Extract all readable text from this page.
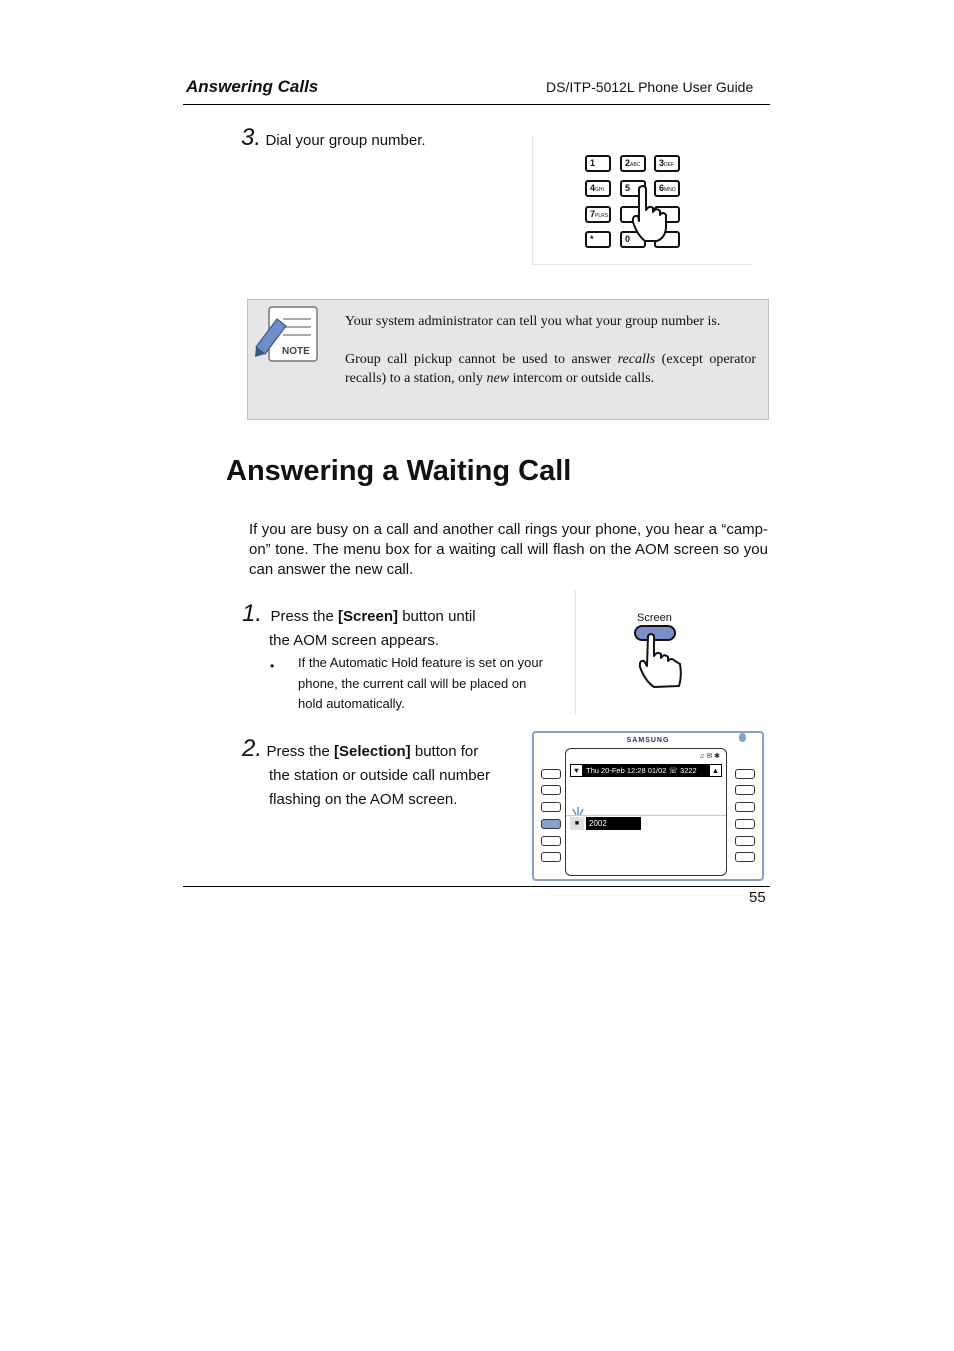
Answering Calls	DS/ITP-5012L Phone User Guide
3. Dial your group number.
1	2ABC	3DEF
4GHI	5	6MNO
7PLRS
*	0
NOTE
Your system administrator can tell you what your group number is.
Group call pickup cannot be used to answer recalls (except operator recalls) to a station, only new intercom or outside calls.
Answering a Waiting Call
If you are busy on a call and another call rings your phone, you hear a “camp-on” tone. The menu box for a waiting call will flash on the AOM screen so you can answer the new call.
1. Press the [Screen] button until
the AOM screen appears.
• If the Automatic Hold feature is set on your phone, the current call will be placed on hold automatically.
Screen
2. Press the [Selection] button for
the station or outside call number
flashing on the AOM screen.
SAMSUNG
♫ ✉ ✱
▼ Thu 20-Feb 12:28 01/02 ☏ 3222 ▲
■	2002
55
